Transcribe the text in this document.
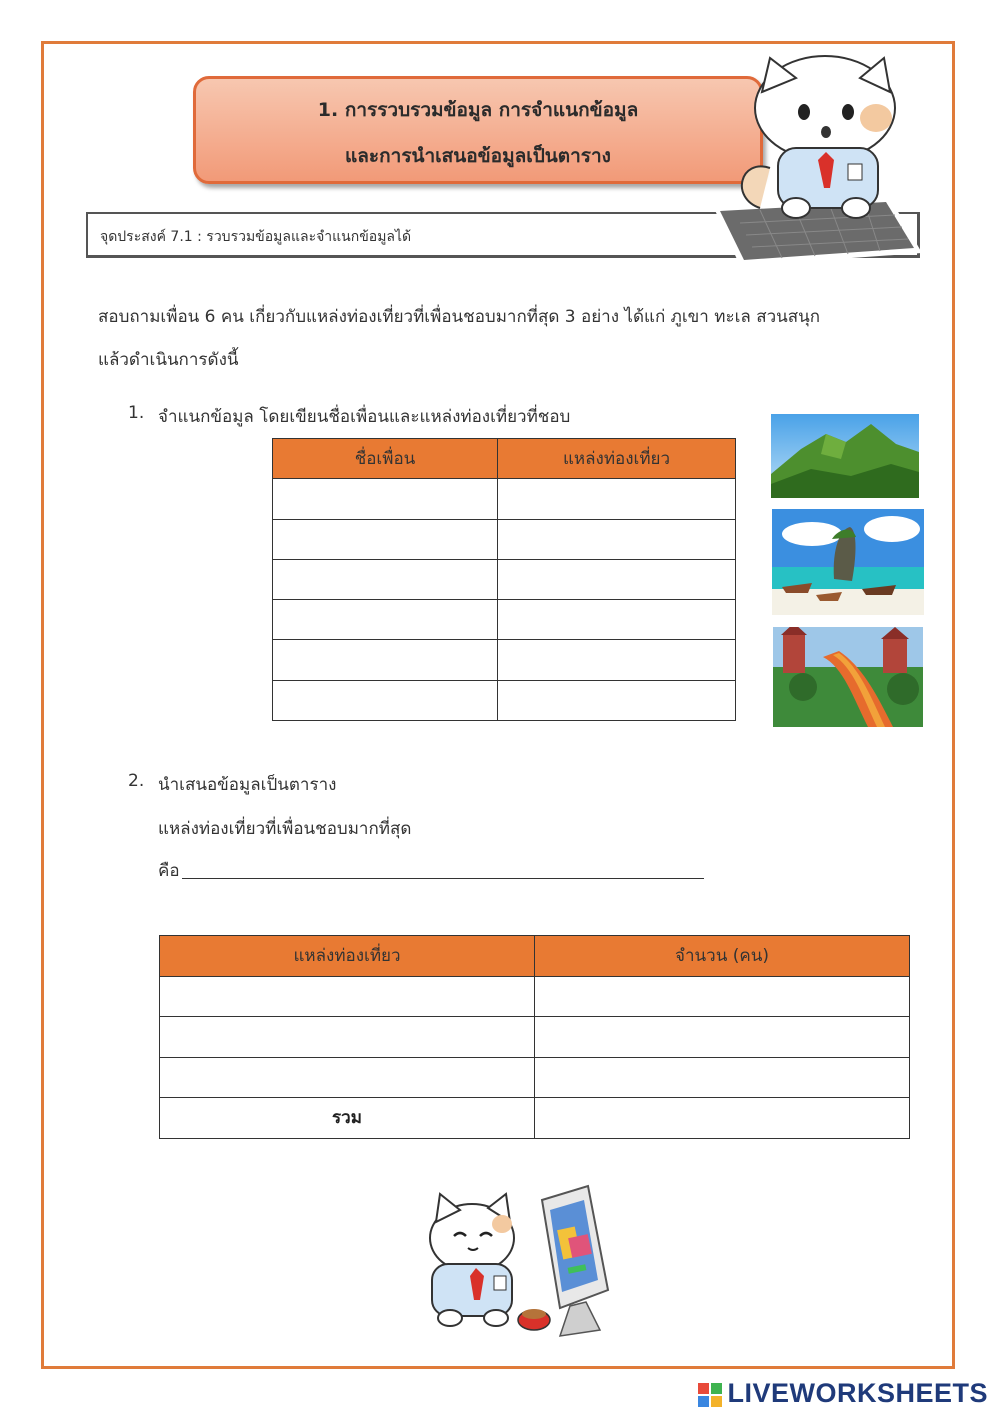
1. การรวบรวมข้อมูล การจำแนกข้อมูล
และการนำเสนอข้อมูลเป็นตาราง
จุดประสงค์ 7.1 : รวบรวมข้อมูลและจำแนกข้อมูลได้
สอบถามเพื่อน 6 คน เกี่ยวกับแหล่งท่องเที่ยวที่เพื่อนชอบมากที่สุด 3 อย่าง ได้แก่ ภูเขา ทะเล สวนสนุก
แล้วดำเนินการดังนี้
1. จำแนกข้อมูล โดยเขียนชื่อเพื่อนและแหล่งท่องเที่ยวที่ชอบ
ชื่อเพื่อน	แหล่งท่องเที่ยว

2. นำเสนอข้อมูลเป็นตาราง
แหล่งท่องเที่ยวที่เพื่อนชอบมากที่สุด
คือ
แหล่งท่องเที่ยว	จำนวน (คน)

รวม	
LIVEWORKSHEETS
